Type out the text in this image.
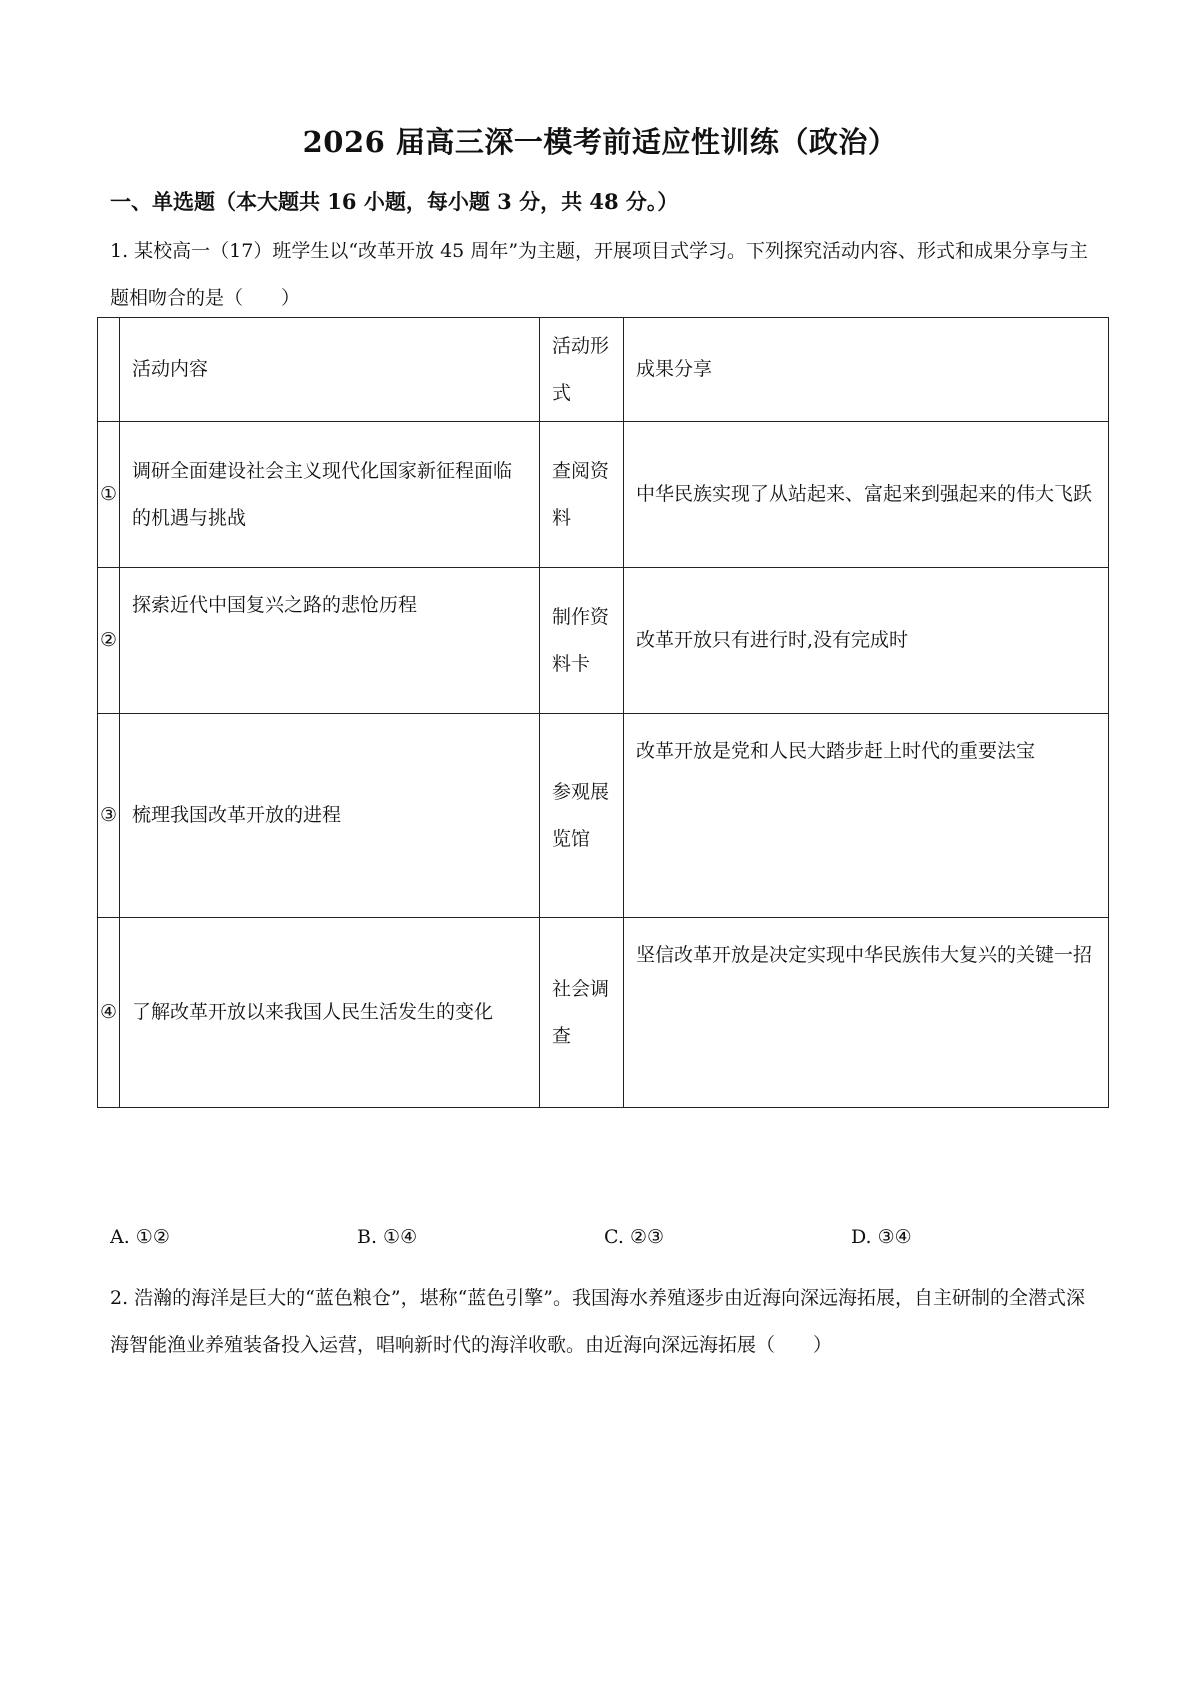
2026 届高三深一模考前适应性训练（政治）
一、单选题（本大题共 16 小题，每小题 3 分，共 48 分。）
1. 某校高一（17）班学生以“改革开放 45 周年”为主题，开展项目式学习。下列探究活动内容、形式和成果分享与主题相吻合的是（　　）
	活动内容	活动形式	成果分享
①	调研全面建设社会主义现代化国家新征程面临的机遇与挑战	查阅资料	中华民族实现了从站起来、富起来到强起来的伟大飞跃
②	探索近代中国复兴之路的悲怆历程	制作资料卡	改革开放只有进行时,没有完成时
③	梳理我国改革开放的进程	参观展览馆	改革开放是党和人民大踏步赶上时代的重要法宝
④	了解改革开放以来我国人民生活发生的变化	社会调查	坚信改革开放是决定实现中华民族伟大复兴的关键一招
A. ①②	B. ①④	C. ②③	D. ③④
2. 浩瀚的海洋是巨大的“蓝色粮仓”，堪称“蓝色引擎”。我国海水养殖逐步由近海向深远海拓展，自主研制的全潜式深海智能渔业养殖装备投入运营，唱响新时代的海洋收歌。由近海向深远海拓展（　　）
